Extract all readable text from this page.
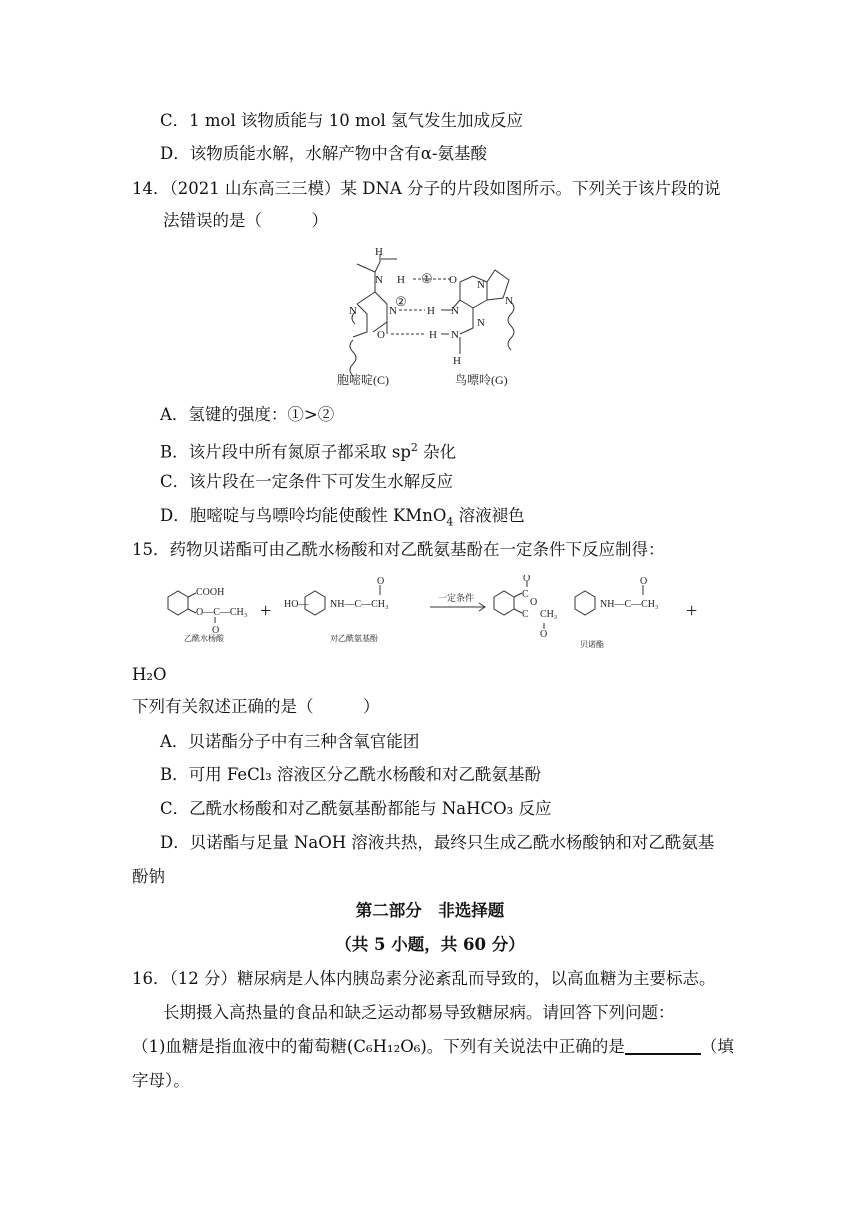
C．1 mol 该物质能与 10 mol 氢气发生加成反应
D．该物质能水解，水解产物中含有α-氨基酸
14．（2021 山东高三三模）某 DNA 分子的片段如图所示。下列关于该片段的说
法错误的是（　　　）
H
N H	O N
N
N	N	H N
N
O	H N
H
①
②
胞嘧啶(C)	鸟嘌呤(G)
A．氢键的强度：①>②
B．该片段中所有氮原子都采取 $sp^2$ 杂化
C．该片段在一定条件下可发生水解反应
D．胞嘧啶与鸟嘌呤均能使酸性 KMnO$_4$ 溶液褪色
15．药物贝诺酯可由乙酰水杨酸和对乙酰氨基酚在一定条件下反应制得：
COOH
O—C—CH₃
O
乙酰水杨酸
+ HO— NH—C—CH₃
O
对乙酰氨基酚
一定条件
O
C
O
C CH₃
O
NH—C—CH₃
O
贝诺酯
+
H₂O
下列有关叙述正确的是（　　　）
A．贝诺酯分子中有三种含氧官能团
B．可用 FeCl₃ 溶液区分乙酰水杨酸和对乙酰氨基酚
C．乙酰水杨酸和对乙酰氨基酚都能与 NaHCO₃ 反应
D．贝诺酯与足量 NaOH 溶液共热，最终只生成乙酰水杨酸钠和对乙酰氨基
酚钠
第二部分　非选择题
（共 5 小题，共 60 分）
16．（12 分）糖尿病是人体内胰岛素分泌紊乱而导致的，以高血糖为主要标志。
长期摄入高热量的食品和缺乏运动都易导致糖尿病。请回答下列问题：
（1)血糖是指血液中的葡萄糖(C₆H₁₂O₆)。下列有关说法中正确的是	（填
字母）。
